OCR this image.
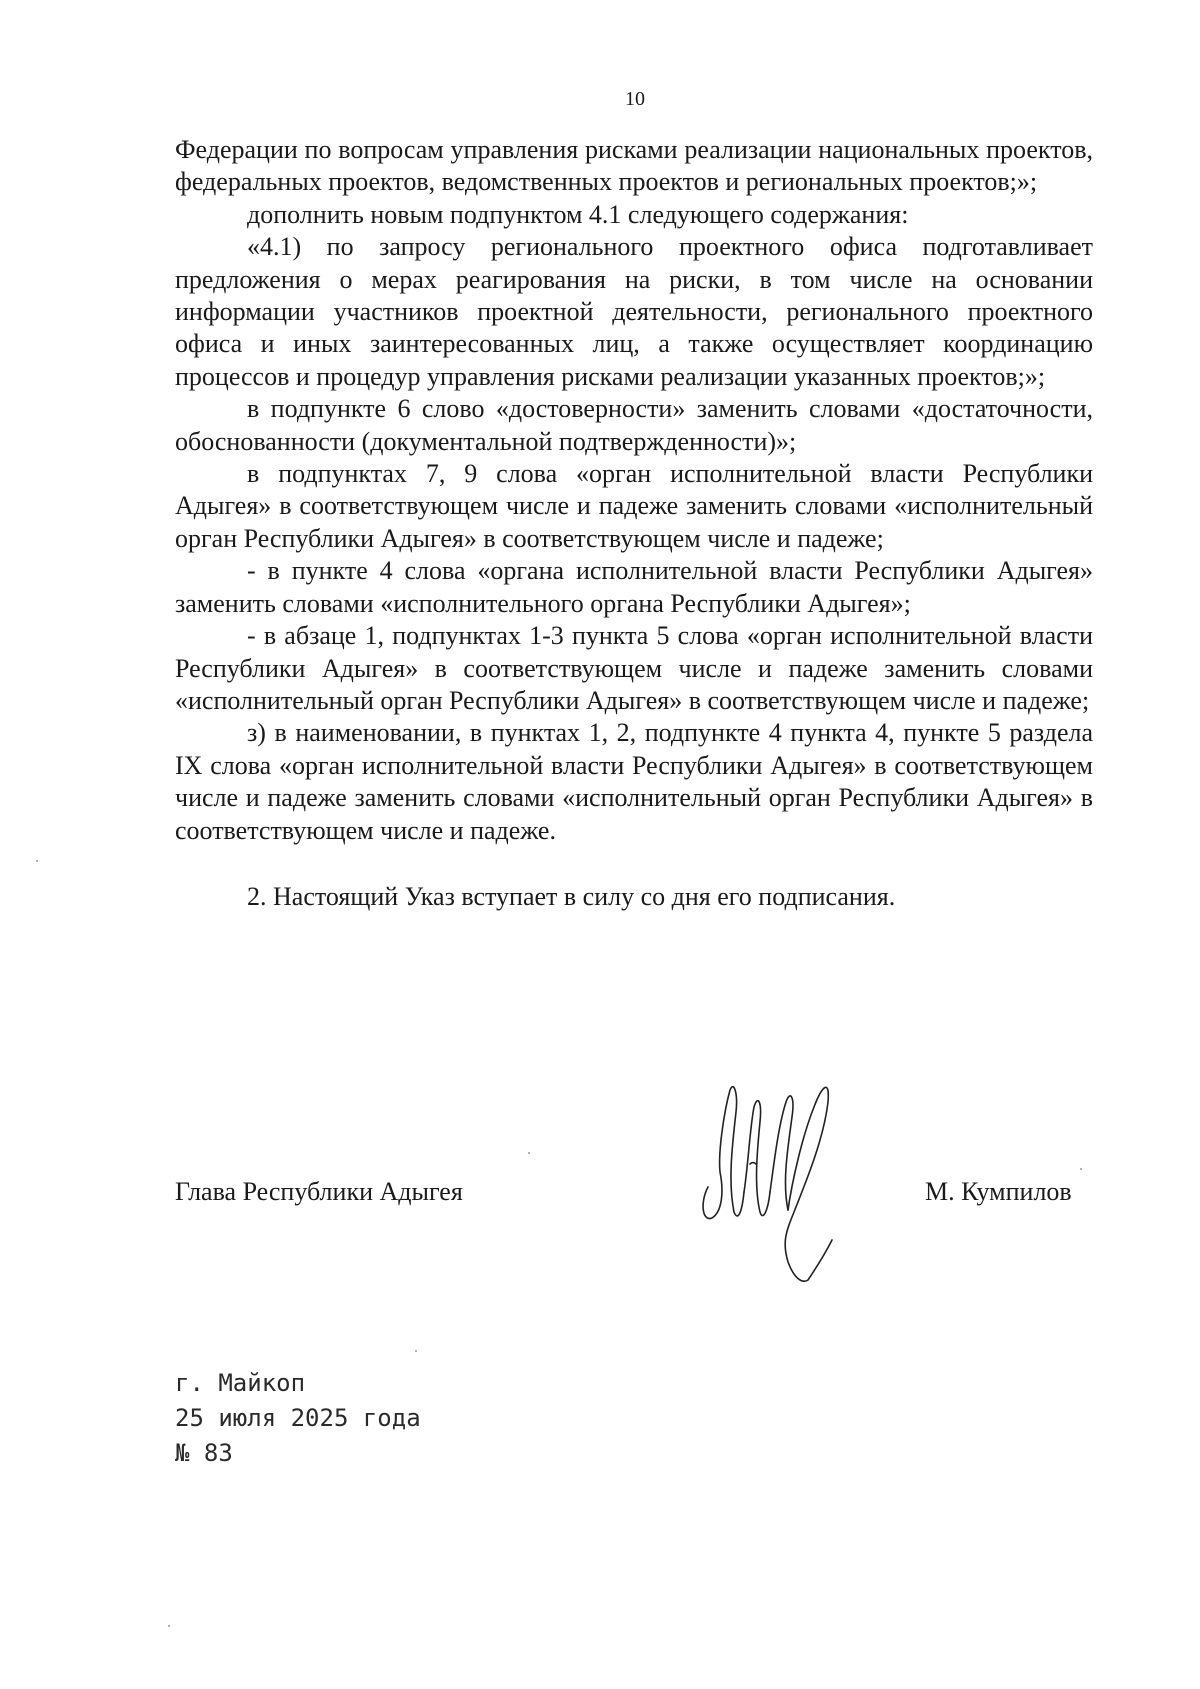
10

Федерации по вопросам управления рисками реализации национальных проектов, федеральных проектов, ведомственных проектов и региональных проектов;»;

дополнить новым подпунктом 4.1 следующего содержания:

«4.1) по запросу регионального проектного офиса подготавливает предложения о мерах реагирования на риски, в том числе на основании информации участников проектной деятельности, регионального проектного офиса и иных заинтересованных лиц, а также осуществляет координацию процессов и процедур управления рисками реализации указанных проектов;»;

в подпункте 6 слово «достоверности» заменить словами «достаточности, обоснованности (документальной подтвержденности)»;

в подпунктах 7, 9 слова «орган исполнительной власти Республики Адыгея» в соответствующем числе и падеже заменить словами «исполнительный орган Республики Адыгея» в соответствующем числе и падеже;

- в пункте 4 слова «органа исполнительной власти Республики Адыгея» заменить словами «исполнительного органа Республики Адыгея»;

- в абзаце 1, подпунктах 1-3 пункта 5 слова «орган исполнительной власти Республики Адыгея» в соответствующем числе и падеже заменить словами «исполнительный орган Республики Адыгея» в соответствующем числе и падеже;

з) в наименовании, в пунктах 1, 2, подпункте 4 пункта 4, пункте 5 раздела IX слова «орган исполнительной власти Республики Адыгея» в соответствующем числе и падеже заменить словами «исполнительный орган Республики Адыгея» в соответствующем числе и падеже.

2. Настоящий Указ вступает в силу со дня его подписания.

Глава Республики Адыгея	М. Кумпилов
г. Майкоп
25 июля 2025 года
№ 83
